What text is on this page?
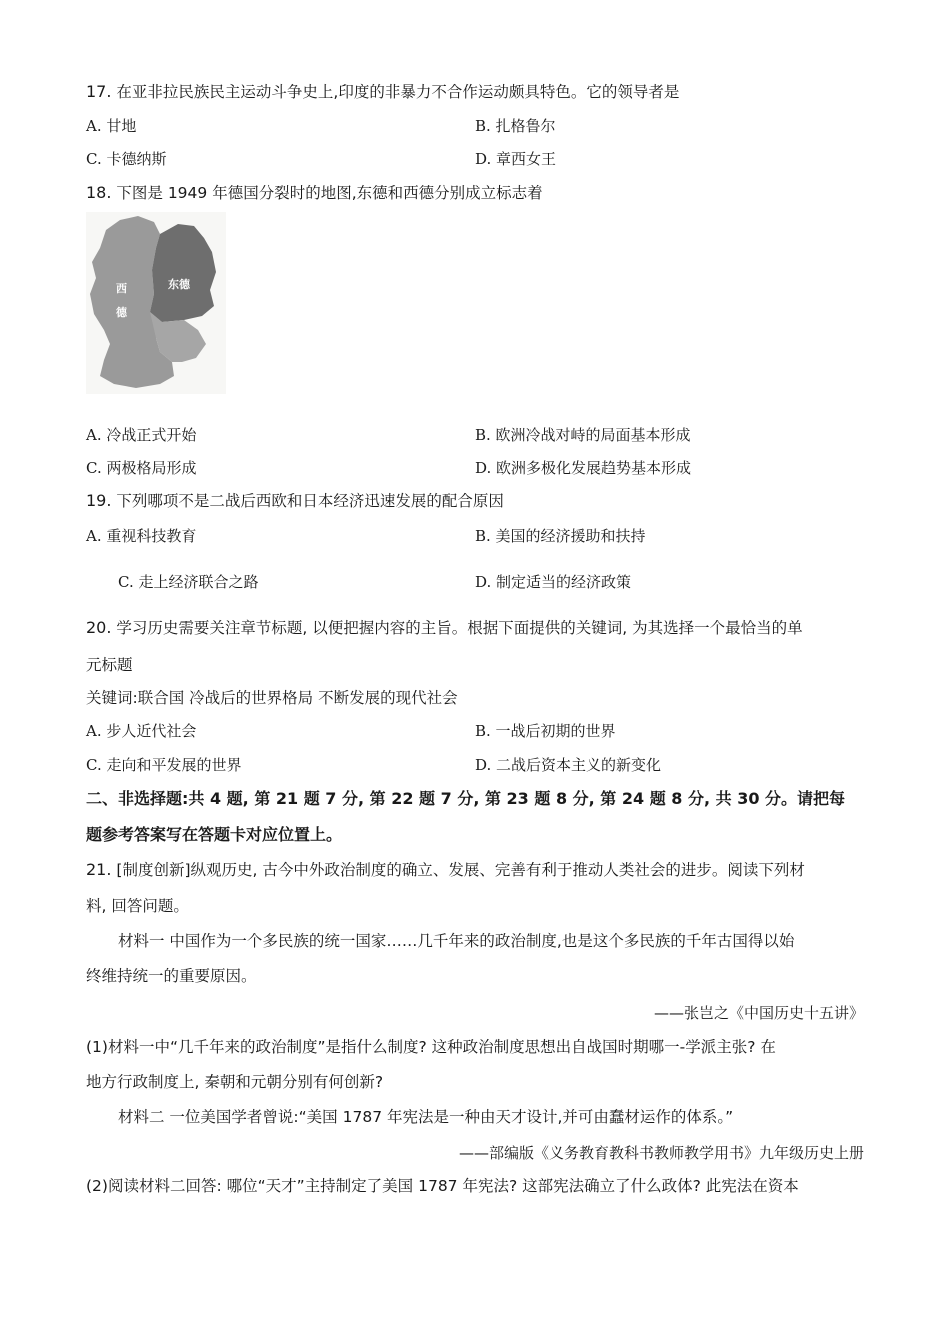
17. 在亚非拉民族民主运动斗争史上,印度的非暴力不合作运动颇具特色。它的领导者是
A. 甘地	B. 扎格鲁尔
C. 卡德纳斯	D. 章西女王
18. 下图是 1949 年德国分裂时的地图,东德和西德分别成立标志着
西
德
东德
A. 冷战正式开始	B. 欧洲冷战对峙的局面基本形成
C. 两极格局形成	D. 欧洲多极化发展趋势基本形成
19. 下列哪项不是二战后西欧和日本经济迅速发展的配合原因
A. 重视科技教育	B. 美国的经济援助和扶持
C. 走上经济联合之路	D. 制定适当的经济政策
20. 学习历史需要关注章节标题, 以便把握内容的主旨。根据下面提供的关键词, 为其选择一个最恰当的单
元标题
关键词:联合国 冷战后的世界格局 不断发展的现代社会
A. 步人近代社会	B. 一战后初期的世界
C. 走向和平发展的世界	D. 二战后资本主义的新变化
二、非选择题:共 4 题, 第 21 题 7 分, 第 22 题 7 分, 第 23 题 8 分, 第 24 题 8 分, 共 30 分。请把每
题参考答案写在答题卡对应位置上。
21. [制度创新]纵观历史, 古今中外政治制度的确立、发展、完善有利于推动人类社会的进步。阅读下列材
料, 回答问题。
材料一 中国作为一个多民族的统一国家……几千年来的政治制度,也是这个多民族的千年古国得以始
终维持统一的重要原因。
——张岂之《中国历史十五讲》
(1)材料一中“几千年来的政治制度”是指什么制度? 这种政治制度思想出自战国时期哪一-学派主张? 在
地方行政制度上, 秦朝和元朝分别有何创新?
材料二 一位美国学者曾说:“美国 1787 年宪法是一种由天才设计,并可由蠢材运作的体系。”
——部编版《义务教育教科书教师教学用书》九年级历史上册
(2)阅读材料二回答: 哪位“天才”主持制定了美国 1787 年宪法? 这部宪法确立了什么政体? 此宪法在资本
